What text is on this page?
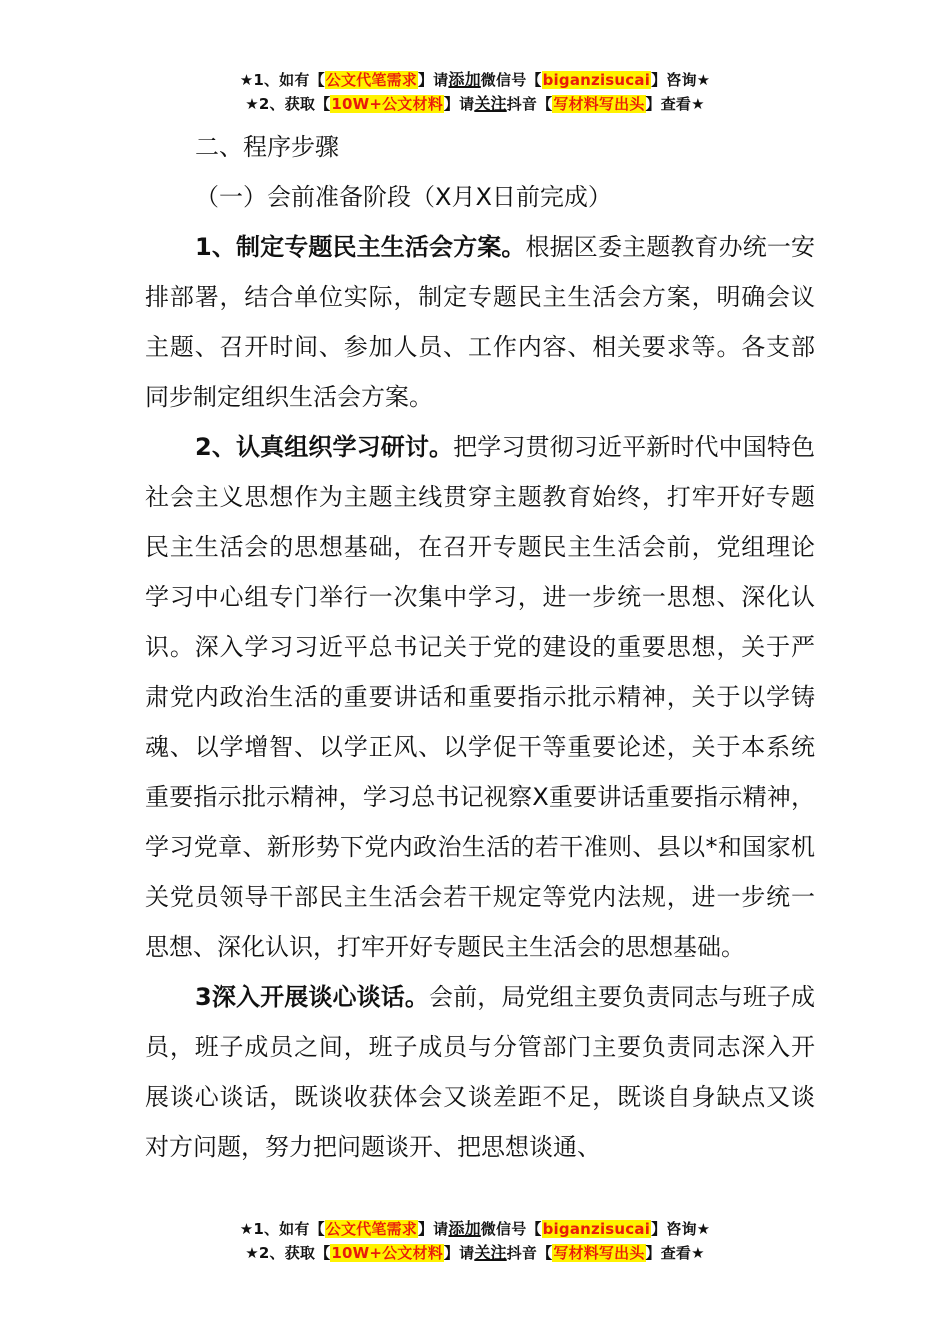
★1、如有【公文代笔需求】请添加微信号【biganzisucai】咨询★
★2、获取【10W+公文材料】请关注抖音【写材料写出头】查看★

二、程序步骤

（一）会前准备阶段（X月X日前完成）

1、制定专题民主生活会方案。根据区委主题教育办统一安排部署，结合单位实际，制定专题民主生活会方案，明确会议主题、召开时间、参加人员、工作内容、相关要求等。各支部同步制定组织生活会方案。

2、认真组织学习研讨。把学习贯彻习近平新时代中国特色社会主义思想作为主题主线贯穿主题教育始终，打牢开好专题民主生活会的思想基础，在召开专题民主生活会前，党组理论学习中心组专门举行一次集中学习，进一步统一思想、深化认识。深入学习习近平总书记关于党的建设的重要思想，关于严肃党内政治生活的重要讲话和重要指示批示精神，关于以学铸魂、以学增智、以学正风、以学促干等重要论述，关于本系统重要指示批示精神，学习总书记视察X重要讲话重要指示精神，学习党章、新形势下党内政治生活的若干准则、县以*和国家机关党员领导干部民主生活会若干规定等党内法规，进一步统一思想、深化认识，打牢开好专题民主生活会的思想基础。

3深入开展谈心谈话。会前，局党组主要负责同志与班子成员，班子成员之间，班子成员与分管部门主要负责同志深入开展谈心谈话，既谈收获体会又谈差距不足，既谈自身缺点又谈对方问题，努力把问题谈开、把思想谈通、

★1、如有【公文代笔需求】请添加微信号【biganzisucai】咨询★
★2、获取【10W+公文材料】请关注抖音【写材料写出头】查看★
